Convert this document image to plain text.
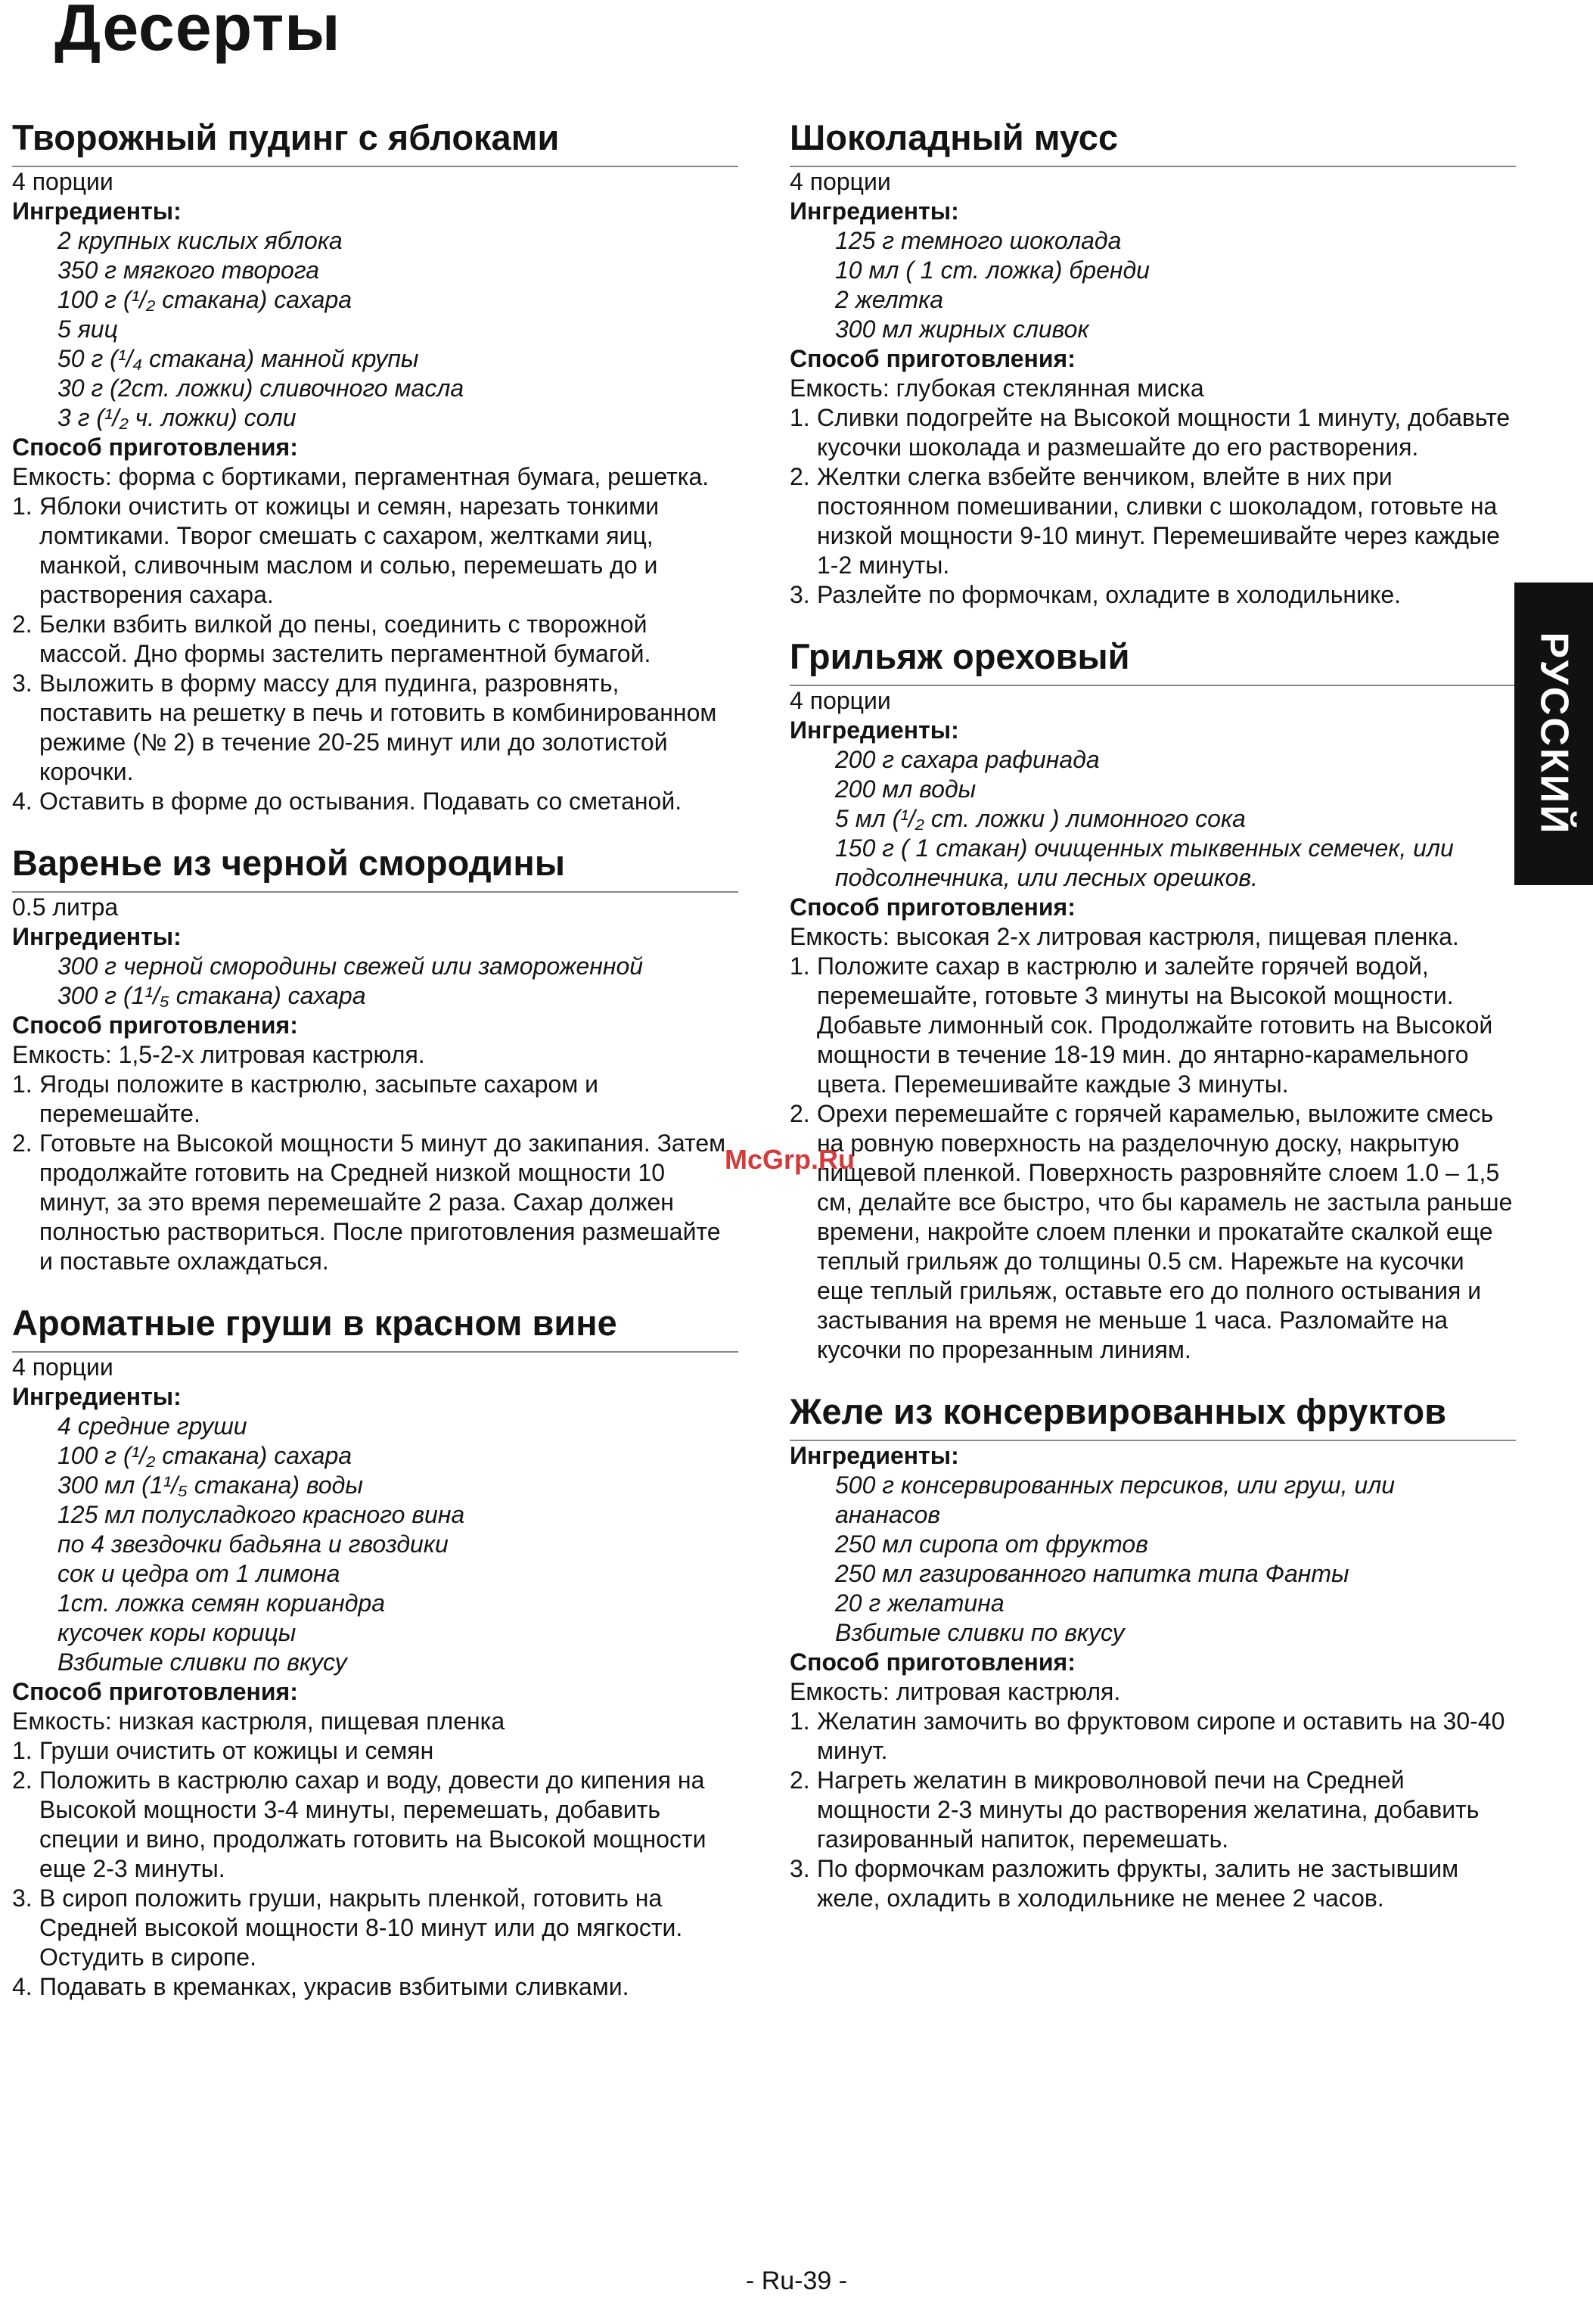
Десерты
Творожный пудинг с яблоками
4 порции
Ингредиенты:
2 крупных кислых яблока
350 г мягкого творога
100 г (¹/₂ стакана) сахара
5 яиц
50 г (¹/₄ стакана) манной крупы
30 г (2ст. ложки) сливочного масла
3 г (¹/₂ ч. ложки) соли
Способ приготовления:
Емкость: форма с бортиками, пергаментная бумага, решетка.
1. Яблоки очистить от кожицы и семян, нарезать тонкими ломтиками. Творог смешать с сахаром, желтками яиц, манкой, сливочным маслом и солью, перемешать до и растворения сахара.
2. Белки взбить вилкой до пены, соединить с творожной массой. Дно формы застелить пергаментной бумагой.
3. Выложить в форму массу для пудинга, разровнять, поставить на решетку в печь и готовить в комбинированном режиме (№ 2) в течение 20-25 минут или до золотистой корочки.
4. Оставить в форме до остывания. Подавать со сметаной.
Варенье из черной смородины
0.5 литра
Ингредиенты:
300 г черной смородины свежей или замороженной
300 г (1¹/₅ стакана) сахара
Способ приготовления:
Емкость: 1,5-2-х литровая кастрюля.
1. Ягоды положите в кастрюлю, засыпьте сахаром и перемешайте.
2. Готовьте на Высокой мощности 5 минут до закипания. Затем продолжайте готовить на Средней низкой мощности 10 минут, за это время перемешайте 2 раза. Сахар должен полностью раствориться. После приготовления размешайте и поставьте охлаждаться.
Ароматные груши в красном вине
4 порции
Ингредиенты:
4 средние груши
100 г (¹/₂ стакана) сахара
300 мл (1¹/₅ стакана) воды
125 мл полусладкого красного вина
по 4 звездочки бадьяна и гвоздики
сок и цедра от 1 лимона
1ст. ложка семян кориандра
кусочек коры корицы
Взбитые сливки по вкусу
Способ приготовления:
Емкость: низкая кастрюля, пищевая пленка
1. Груши очистить от кожицы и семян
2. Положить в кастрюлю сахар и воду, довести до кипения на Высокой мощности 3-4 минуты, перемешать, добавить специи и вино, продолжать готовить на Высокой мощности еще 2-3 минуты.
3. В сироп положить груши, накрыть пленкой, готовить на Средней высокой мощности 8-10 минут или до мягкости. Остудить в сиропе.
4. Подавать в креманках, украсив взбитыми сливками.
Шоколадный мусс
4 порции
Ингредиенты:
125 г темного шоколада
10 мл ( 1 ст. ложка) бренди
2 желтка
300 мл жирных сливок
Способ приготовления:
Емкость: глубокая стеклянная миска
1. Сливки подогрейте на Высокой мощности 1 минуту, добавьте кусочки шоколада и размешайте до его растворения.
2. Желтки слегка взбейте венчиком, влейте в них при постоянном помешивании, сливки с шоколадом, готовьте на низкой мощности 9-10 минут. Перемешивайте через каждые 1-2 минуты.
3. Разлейте по формочкам, охладите в холодильнике.
Грильяж ореховый
4 порции
Ингредиенты:
200 г сахара рафинада
200 мл воды
5 мл (¹/₂ ст. ложки ) лимонного сока
150 г ( 1 стакан) очищенных тыквенных семечек, или подсолнечника, или лесных орешков.
Способ приготовления:
Емкость: высокая 2-х литровая кастрюля, пищевая пленка.
1. Положите сахар в кастрюлю и залейте горячей водой, перемешайте, готовьте 3 минуты на Высокой мощности. Добавьте лимонный сок. Продолжайте готовить на Высокой мощности в течение 18-19 мин. до янтарно-карамельного цвета. Перемешивайте каждые 3 минуты.
2. Орехи перемешайте с горячей карамелью, выложите смесь на ровную поверхность на разделочную доску, накрытую пищевой пленкой. Поверхность разровняйте слоем 1.0 – 1,5 см, делайте все быстро, что бы карамель не застыла раньше времени, накройте слоем пленки и прокатайте скалкой еще теплый грильяж до толщины 0.5 см. Нарежьте на кусочки еще теплый грильяж, оставьте его до полного остывания и застывания на время не меньше 1 часа. Разломайте на кусочки по прорезанным линиям.
Желе из консервированных фруктов
Ингредиенты:
500 г консервированных персиков, или груш, или ананасов
250 мл сиропа от фруктов
250 мл газированного напитка типа Фанты
20 г желатина
Взбитые сливки по вкусу
Способ приготовления:
Емкость: литровая кастрюля.
1. Желатин замочить во фруктовом сиропе и оставить на 30-40 минут.
2. Нагреть желатин в микроволновой печи на Средней мощности 2-3 минуты до растворения желатина, добавить газированный напиток, перемешать.
3. По формочкам разложить фрукты, залить не застывшим желе, охладить в холодильнике не менее 2 часов.
РУССКИЙ
McGrp.Ru
- Ru-39 -
